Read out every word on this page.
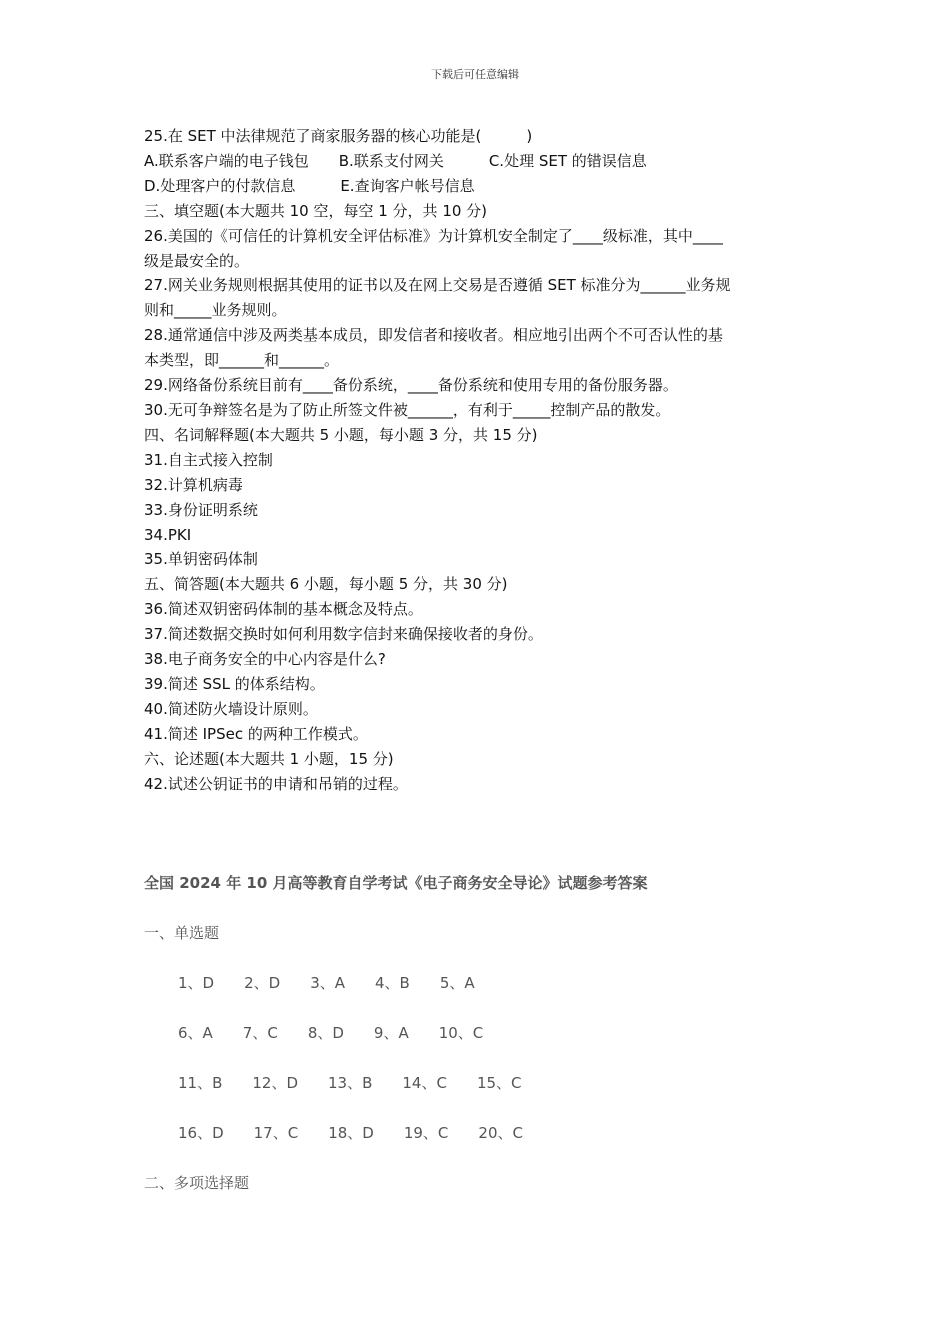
下载后可任意编辑
25.在 SET 中法律规范了商家服务器的核心功能是(　　　)
A.联系客户端的电子钱包　　B.联系支付网关　　　C.处理 SET 的错误信息
D.处理客户的付款信息　　　E.查询客户帐号信息
三、填空题(本大题共 10 空，每空 1 分，共 10 分)
26.美国的《可信任的计算机安全评估标准》为计算机安全制定了____级标准，其中____
级是最安全的。
27.网关业务规则根据其使用的证书以及在网上交易是否遵循 SET 标准分为______业务规
则和_____业务规则。
28.通常通信中涉及两类基本成员，即发信者和接收者。相应地引出两个不可否认性的基
本类型，即______和______。
29.网络备份系统目前有____备份系统，____备份系统和使用专用的备份服务器。
30.无可争辩签名是为了防止所签文件被______，有利于_____控制产品的散发。
四、名词解释题(本大题共 5 小题，每小题 3 分，共 15 分)
31.自主式接入控制
32.计算机病毒
33.身份证明系统
34.PKI
35.单钥密码体制
五、简答题(本大题共 6 小题，每小题 5 分，共 30 分)
36.简述双钥密码体制的基本概念及特点。
37.简述数据交换时如何利用数字信封来确保接收者的身份。
38.电子商务安全的中心内容是什么?
39.简述 SSL 的体系结构。
40.简述防火墙设计原则。
41.简述 IPSec 的两种工作模式。
六、论述题(本大题共 1 小题，15 分)
42.试述公钥证书的申请和吊销的过程。
全国 2024 年 10 月高等教育自学考试《电子商务安全导论》试题参考答案
一、单选题
1、D　　2、D　　3、A　　4、B　　5、A
6、A　　7、C　　8、D　　9、A　　10、C
11、B　　12、D　　13、B　　14、C　　15、C
16、D　　17、C　　18、D　　19、C　　20、C
二、多项选择题
